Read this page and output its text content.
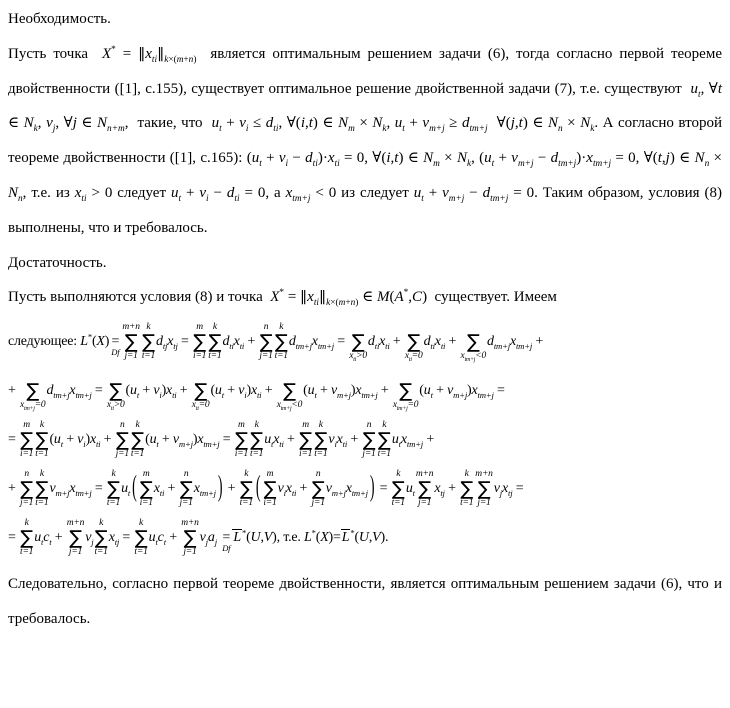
Необходимость.

Пусть точка  $X^* = ‖x_{ti}‖_{k\times(m+n)}$  является оптимальным решением задачи (6), тогда согласно первой теореме двойственности ([1], с.155), существует оптимальное решение двойственной задачи (7), т.е. существуют  $u_t$, ∀t ∈ $N_k$, $v_j$, ∀j ∈ $N_{n+m}$,  такие, что  $u_t + v_i \le d_{ti}$, ∀(i,t) ∈ $N_m \times N_k$, $u_t + v_{m+j} \ge d_{tm+j}$  ∀(j,t) ∈ $N_n \times N_k$. А согласно второй теореме двойственности ([1], с.165): $(u_t + v_i - d_{ti})\cdot x_{ti} = 0$, ∀(i,t) ∈ $N_m \times N_k$, $(u_t + v_{m+j} - d_{tm+j})\cdot x_{tm+j} = 0$, ∀(t,j) ∈ $N_n \times N_n$, т.е. из $x_{ti} > 0$ следует $u_t + v_i - d_{ti} = 0$, а $x_{tm+j} < 0$ из следует $u_t + v_{m+j} - d_{tm+j} = 0$. Таким образом, условия (8) выполнены, что и требовалось.

Достаточность.

Пусть выполняются условия (8) и точка  $X^* = ‖x_{ti}‖_{k\times(m+n)}$ ∈ M(A*,C)  существует. Имеем

следующее: L*(X) =
Df
m+n
∑
j=1
k
∑
t=1
$d_{tj}x_{tj}$ =
m
∑
i=1
k
∑
t=1
$d_{ti}x_{ti}$ +
n
∑
j=1
k
∑
t=1
$d_{tm+j}x_{tm+j}$ =
∑
$x_{ti}>0$
$d_{ti}x_{ti}$ +
∑
$x_{ti}=0$
$d_{ti}x_{ti}$ +
∑
$x_{tm+j}<0$
$d_{tm+j}x_{tm+j}$ +
+
∑
$x_{tm+j}=0$
$d_{tm+j}x_{tm+j}$ =
∑
$x_{ti}>0$
$(u_t + v_i)x_{ti}$ +
∑
$x_{ti}=0$
$(u_t + v_i)x_{ti}$ +
∑
$x_{tm+j}<0$
$(u_t + v_{m+j})x_{tm+j}$ +
∑
$x_{tm+j}=0$
$(u_t + v_{m+j})x_{tm+j}$ =
=
m
∑
i=1
k
∑
t=1
$(u_t + v_i)x_{ti}$ +
n
∑
j=1
k
∑
t=1
$(u_t + v_{m+j})x_{tm+j}$ =
m
∑
i=1
k
∑
t=1
$u_tx_{ti}$ +
m
∑
i=1
k
∑
t=1
$v_ix_{ti}$ +
n
∑
j=1
k
∑
t=1
$u_tx_{tm+j}$ +
+
n
∑
j=1
k
∑
t=1
$v_{m+j}x_{tm+j}$ =
k
∑
t=1
$u_t$ ( m
∑
i=1
$x_{ti}$ +
n
∑
j=1
$x_{tm+j}$ ) +
k
∑
t=1 ( m
∑
i=1
$v_ix_{ti}$ +
n
∑
j=1
$v_{m+j}x_{tm+j}$ ) =
k
∑
t=1
$u_t$
m+n
∑
j=1
$x_{tj}$ +
k
∑
t=1
m+n
∑
j=1
$v_jx_{tj}$ =
=
k
∑
t=1
$u_tc_t$ +
m+n
∑
j=1
$v_j$
k
∑
t=1
$x_{tj}$ =
k
∑
t=1
$u_tc_t$ +
m+n
∑
j=1
$v_ja_j$ =
Df
L*(U,V), т.е. L*(X)=L*(U,V).

Следовательно, согласно первой теореме двойственности, является оптимальным решением задачи (6), что и требовалось.
